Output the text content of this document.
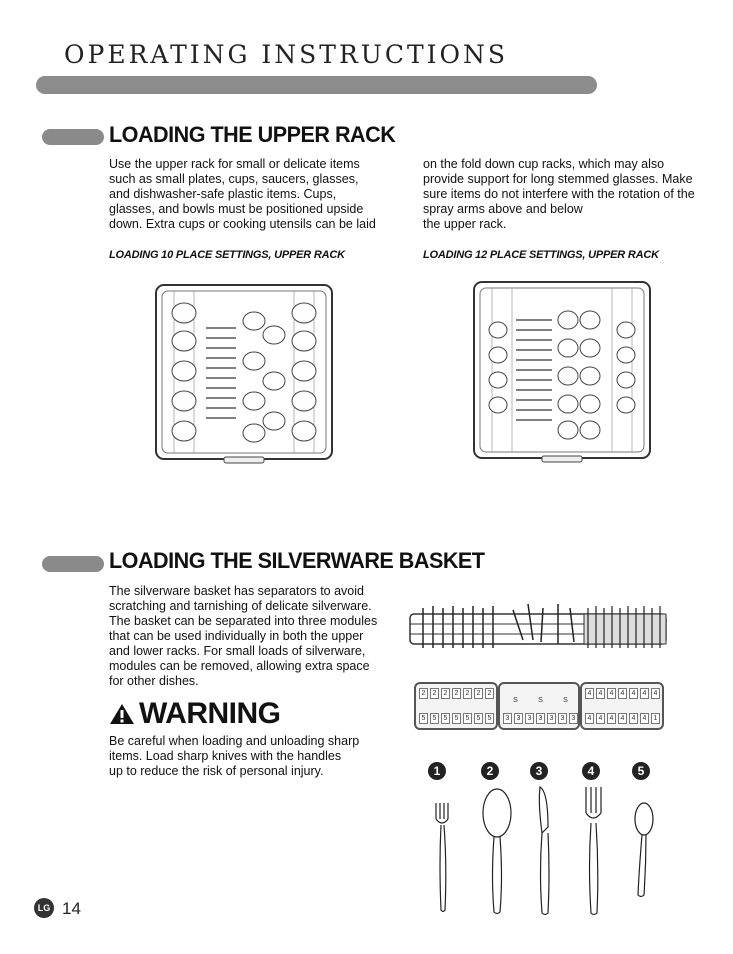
OPERATING INSTRUCTIONS
LOADING THE UPPER RACK
Use the upper rack for small or delicate items
such as small plates, cups, saucers, glasses,
and dishwasher-safe plastic items. Cups,
glasses, and bowls must be positioned upside
down. Extra cups or cooking utensils can be laid
on the fold down cup racks, which may also
provide support for long stemmed glasses. Make
sure items do not interfere with the rotation of the
spray arms above and below
the upper rack.
LOADING 10 PLACE SETTINGS, UPPER RACK	LOADING 12 PLACE SETTINGS, UPPER RACK
LOADING THE SILVERWARE BASKET
The silverware basket has separators to avoid
scratching and tarnishing of delicate silverware.
The basket can be separated into three modules
that can be used individually in both the upper
and lower racks. For small loads of silverware,
modules can be removed, allowing extra space
for other dishes.
2	2	2	2	2	2	2
5	5	5	5	5	5	5
S	S	S
3	3	3	3	3	3	3
4	4	4	4	4	4	4
4	4	4	4	4	4	1
WARNING
Be careful when loading and unloading sharp
items. Load sharp knives with the handles
up to reduce the risk of personal injury.	1	2	3	4	5
LG 14
